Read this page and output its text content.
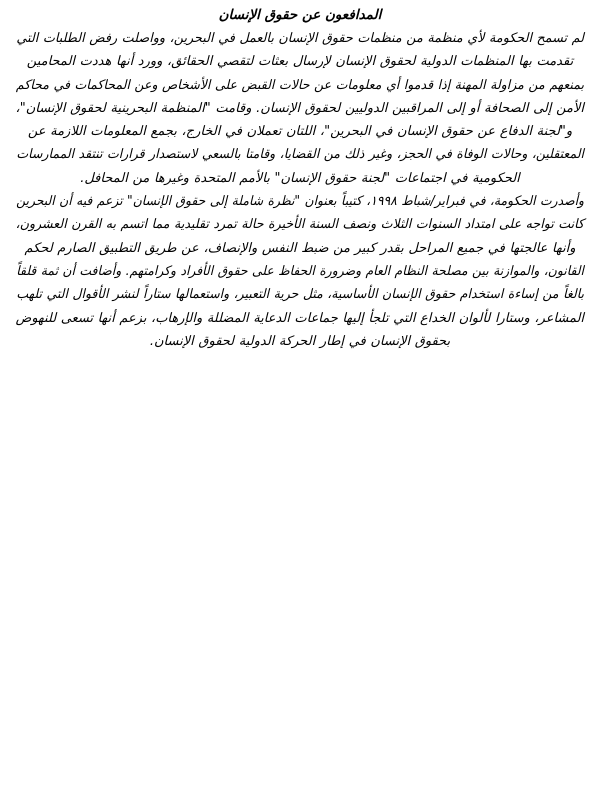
المدافعون عن حقوق الإنسان

لم تسمح الحكومة لأي منظمة من منظمات حقوق الإنسان بالعمل في البحرين، وواصلت رفض الطلبات التي
تقدمت بها المنظمات الدولية لحقوق الإنسان لإرسال بعثات لتقصي الحقائق، وورد أنها هددت المحامين
بمنعهم من مزاولة المهنة إذا قدموا أي معلومات عن حالات القبض على الأشخاص وعن المحاكمات في محاكم
الأمن إلى الصحافة أو إلى المراقبين الدوليين لحقوق الإنسان. وقامت "المنظمة البحرينية لحقوق الإنسان"،
و"لجنة الدفاع عن حقوق الإنسان في البحرين"، اللتان تعملان في الخارج، بجمع المعلومات اللازمة عن
المعتقلين، وحالات الوفاة في الحجز، وغير ذلك من القضايا، وقامتا بالسعي لاستصدار قرارات تنتقد الممارسات
الحكومية في اجتماعات "لجنة حقوق الإنسان" بالأمم المتحدة وغيرها من المحافل.

وأصدرت الحكومة، في فبراير/شباط ١٩٩٨، كتيباً بعنوان "نظرة شاملة إلى حقوق الإنسان" تزعم فيه أن البحرين
كانت تواجه على امتداد السنوات الثلاث ونصف السنة الأخيرة حالة تمرد تقليدية مما اتسم به القرن العشرون،
وأنها عالجتها في جميع المراحل بقدر كبير من ضبط النفس والإنصاف، عن طريق التطبيق الصارم لحكم
القانون، والموازنة بين مصلحة النظام العام وضرورة الحفاظ على حقوق الأفراد وكرامتهم. وأضافت أن ثمة قلقاً
بالغاً من إساءة استخدام حقوق الإنسان الأساسية، مثل حرية التعبير، واستعمالها ستاراً لنشر الأقوال التي تلهب
المشاعر، وستارا لألوان الخداع التي تلجأ إليها جماعات الدعاية المضللة والإرهاب، بزعم أنها تسعى للنهوض
بحقوق الإنسان في إطار الحركة الدولية لحقوق الإنسان.
